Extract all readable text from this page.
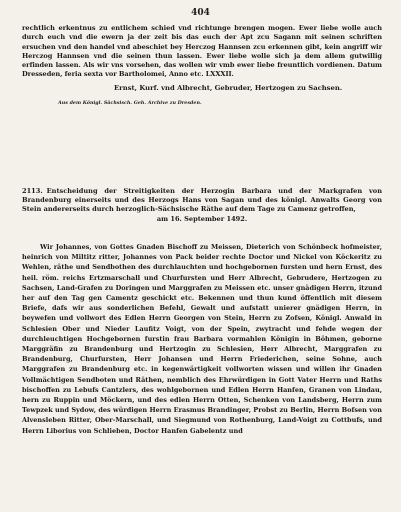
404

rechtlich erkentnus zu entlichem schied vnd richtunge brengen mogen. Ewer liebe wolle auch durch euch vnd die ewern ja der zeit bis das euch der Apt zcu Sagann mit seinen schriften ersuchen vnd den handel vnd abeschiet bey Herczog Hannsen zcu erkennen gibt, kein angriff wir Herczog Hannsen vnd die seinen thun lassen. Ewer liebe wolle sich ja dem allem gutwillig erfinden lassen. Als wir vns vorsehen, das wollen wir vmb ewer liebe freuntlich vordienen. Datum Dresseden, feria sexta vor Bartholomei, Anno etc. LXXXII.

Ernst, Kurf. vnd Albrecht, Gebruder, Hertzogen zu Sachsen.

Aus dem Königl. Sächsisch. Geh. Archive zu Dresden.

2113. Entscheidung der Streitigkeiten der Herzogin Barbara und der Markgrafen von Brandenburg einerseits und des Herzogs Hans von Sagan und des königl. Anwalts Georg von Stein andererseits durch herzoglich-Sächsische Räthe auf dem Tage zu Camenz getroffen,
am 16. September 1492.

Wir Johannes, von Gottes Gnaden Bischoff zu Meissen, Dieterich von Schönbeck hofmeister, heinrich von Miltitz ritter, Johannes von Pack beider rechte Doctor und Nickel von Köckeritz zu Wehlen, räthe und Sendbothen des durchlauchten und hochgebornen fursten und hern Ernst, des heil. röm. reichs Ertzmarschall und Churfursten und Herr Albrecht, Gebrudere, Hertzogen zu Sachsen, Land-Grafen zu Doringen und Marggrafen zu Meissen etc. unser gnädigen Herrn, itzund her auf den Tag gen Camentz geschickt etc. Bekennen und thun kund öffentlich mit diesem Briefe, dafs wir aus sonderlichen Befehl, Gewalt und aufstatt unierer gnädigen Herrn, in beywefen und vollwort des Edlen Herrn Georgen von Stein, Herrn zu Zofsen, Königl. Anwald in Schlesien Ober und Nieder Laufitz Voigt, von der Spein, zwytracht und fehde wegen der durchleuchtigen Hochgebornen furstin frau Barbara vormahlen Königin in Böhmen, geborne Marggräfin zu Brandenburg und Hertzogin zu Schlesien, Herr Albrecht, Marggrafen zu Brandenburg, Churfursten, Herr Johansen und Herrn Friederichen, seine Sohne, auch Marggrafen zu Brandenburg etc. in kegenwärtigkeit vollworten wissen und willen ihr Gnaden Vollmächtigen Sendboten und Räthen, nemblich des Ehrwürdigen in Gott Vater Herrn und Raths bischoffen zu Lebufs Cantzlers, des wohlgebornen und Edlen Herrn Hanfen, Granen von Lindau, hern zu Ruppin und Möckern, und des edlen Herrn Otten, Schenken von Landsberg, Herrn zum Tewpzek und Sydow, des würdigen Herrn Erasmus Brandinger, Probst zu Berlin, Herrn Bofsen von Alvensleben Ritter, Ober-Marschall, und Siegmund von Rothenburg, Land-Voigt zu Cottbufs, und Herrn Liborius von Schlieben, Doctor Hanfen Gabelentz und
